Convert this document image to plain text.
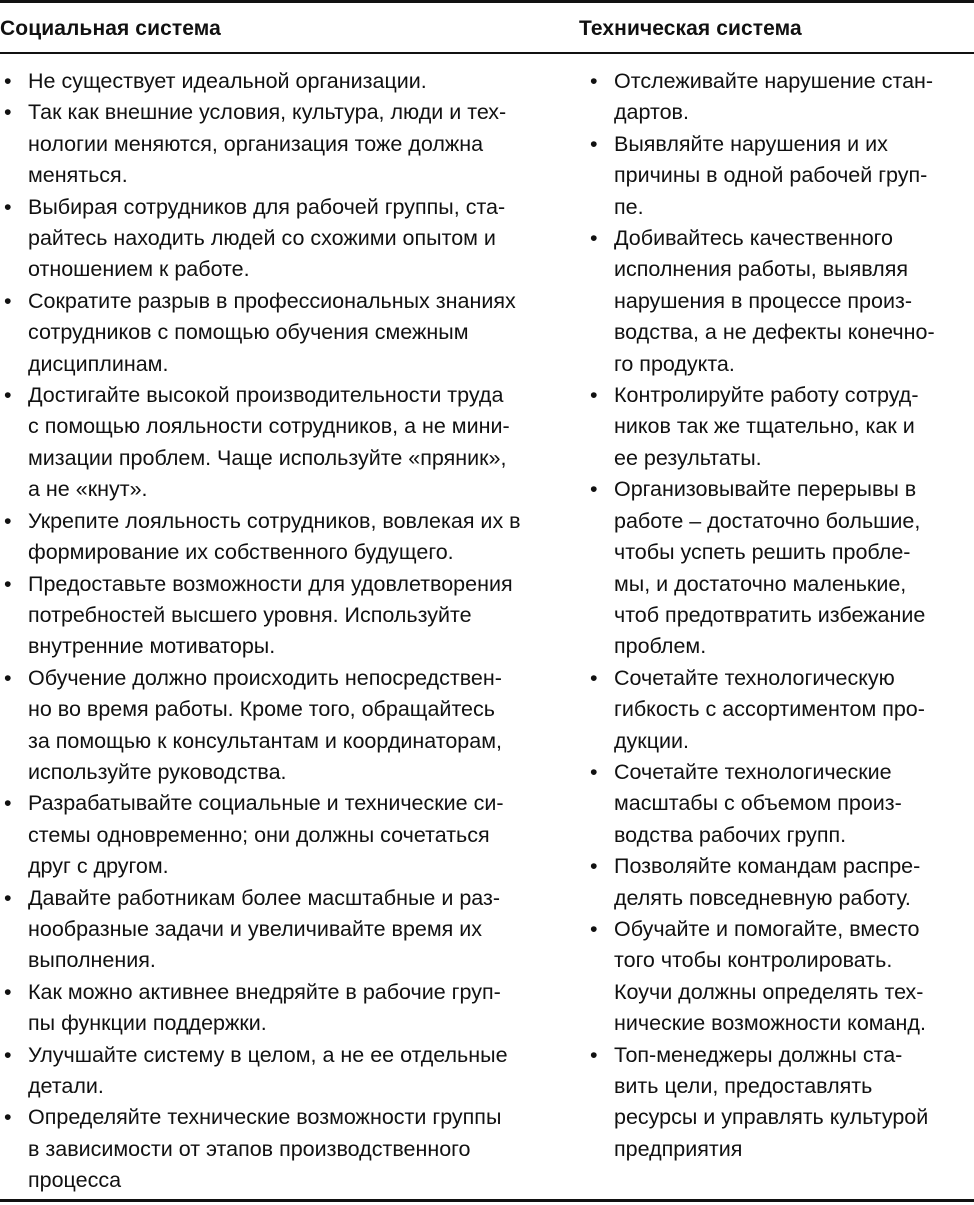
Социальная система	Техническая система
• Не существует идеальной организации.
• Так как внешние условия, культура, люди и тех-
нологии меняются, организация тоже должна
меняться.
• Выбирая сотрудников для рабочей группы, ста-
райтесь находить людей со схожими опытом и
отношением к работе.
• Сократите разрыв в профессиональных знаниях
сотрудников с помощью обучения смежным
дисциплинам.
• Достигайте высокой производительности труда
с помощью лояльности сотрудников, а не мини-
мизации проблем. Чаще используйте «пряник»,
а не «кнут».
• Укрепите лояльность сотрудников, вовлекая их в
формирование их собственного будущего.
• Предоставьте возможности для удовлетворения
потребностей высшего уровня. Используйте
внутренние мотиваторы.
• Обучение должно происходить непосредствен-
но во время работы. Кроме того, обращайтесь
за помощью к консультантам и координаторам,
используйте руководства.
• Разрабатывайте социальные и технические си-
стемы одновременно; они должны сочетаться
друг с другом.
• Давайте работникам более масштабные и раз-
нообразные задачи и увеличивайте время их
выполнения.
• Как можно активнее внедряйте в рабочие груп-
пы функции поддержки.
• Улучшайте систему в целом, а не ее отдельные
детали.
• Определяйте технические возможности группы
в зависимости от этапов производственного
процесса
• Отслеживайте нарушение стан-
дартов.
• Выявляйте нарушения и их
причины в одной рабочей груп-
пе.
• Добивайтесь качественного
исполнения работы, выявляя
нарушения в процессе произ-
водства, а не дефекты конечно-
го продукта.
• Контролируйте работу сотруд-
ников так же тщательно, как и
ее результаты.
• Организовывайте перерывы в
работе – достаточно большие,
чтобы успеть решить пробле-
мы, и достаточно маленькие,
чтоб предотвратить избежание
проблем.
• Сочетайте технологическую
гибкость с ассортиментом про-
дукции.
• Сочетайте технологические
масштабы с объемом произ-
водства рабочих групп.
• Позволяйте командам распре-
делять повседневную работу.
• Обучайте и помогайте, вместо
того чтобы контролировать.
Коучи должны определять тех-
нические возможности команд.
• Топ-менеджеры должны ста-
вить цели, предоставлять
ресурсы и управлять культурой
предприятия
